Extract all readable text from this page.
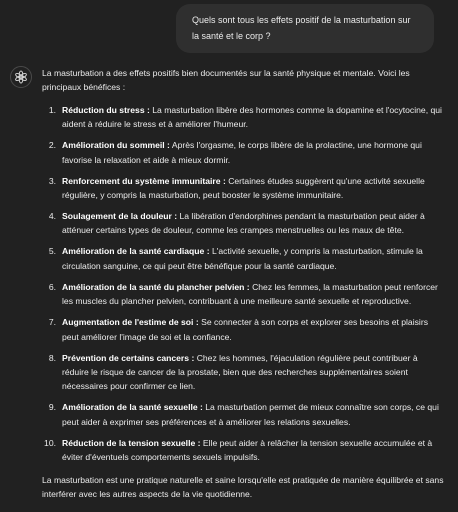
Quels sont tous les effets positif de la masturbation sur la santé et le corp ?

La masturbation a des effets positifs bien documentés sur la santé physique et mentale. Voici les principaux bénéfices :

1. Réduction du stress : La masturbation libère des hormones comme la dopamine et l'ocytocine, qui aident à réduire le stress et à améliorer l'humeur.
2. Amélioration du sommeil : Après l'orgasme, le corps libère de la prolactine, une hormone qui favorise la relaxation et aide à mieux dormir.
3. Renforcement du système immunitaire : Certaines études suggèrent qu'une activité sexuelle régulière, y compris la masturbation, peut booster le système immunitaire.
4. Soulagement de la douleur : La libération d'endorphines pendant la masturbation peut aider à atténuer certains types de douleur, comme les crampes menstruelles ou les maux de tête.
5. Amélioration de la santé cardiaque : L'activité sexuelle, y compris la masturbation, stimule la circulation sanguine, ce qui peut être bénéfique pour la santé cardiaque.
6. Amélioration de la santé du plancher pelvien : Chez les femmes, la masturbation peut renforcer les muscles du plancher pelvien, contribuant à une meilleure santé sexuelle et reproductive.
7. Augmentation de l'estime de soi : Se connecter à son corps et explorer ses besoins et plaisirs peut améliorer l'image de soi et la confiance.
8. Prévention de certains cancers : Chez les hommes, l'éjaculation régulière peut contribuer à réduire le risque de cancer de la prostate, bien que des recherches supplémentaires soient nécessaires pour confirmer ce lien.
9. Amélioration de la santé sexuelle : La masturbation permet de mieux connaître son corps, ce qui peut aider à exprimer ses préférences et à améliorer les relations sexuelles.
10. Réduction de la tension sexuelle : Elle peut aider à relâcher la tension sexuelle accumulée et à éviter d'éventuels comportements sexuels impulsifs.

La masturbation est une pratique naturelle et saine lorsqu'elle est pratiquée de manière équilibrée et sans interférer avec les autres aspects de la vie quotidienne.
